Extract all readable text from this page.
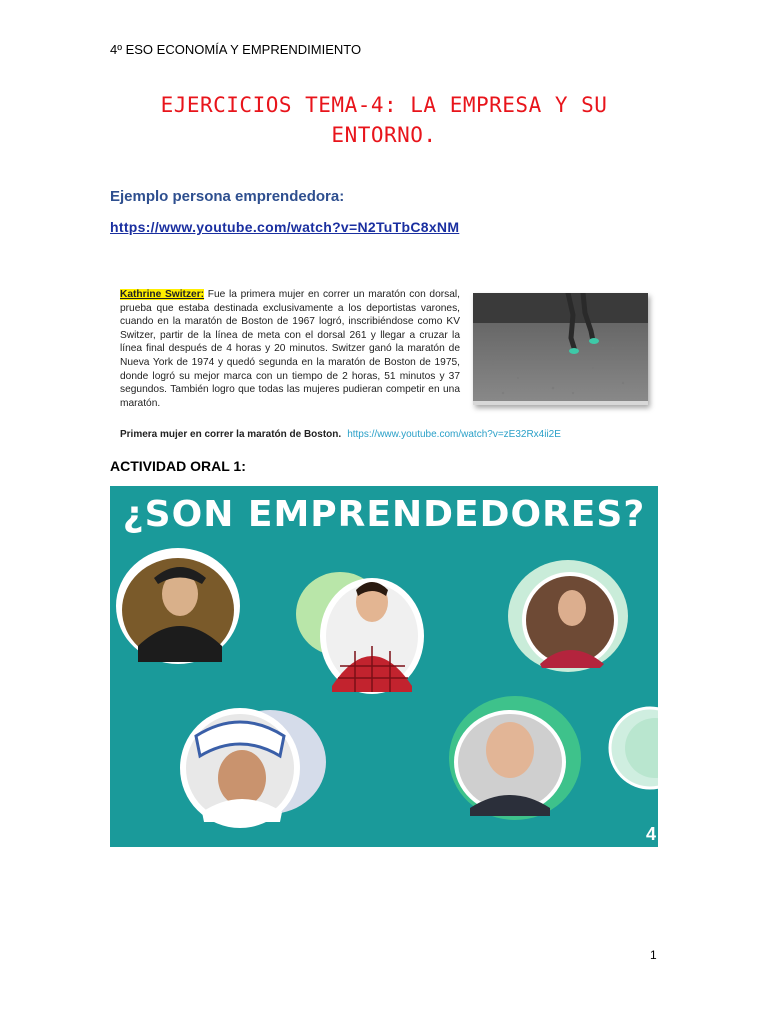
4º ESO ECONOMÍA Y EMPRENDIMIENTO
EJERCICIOS TEMA-4: LA EMPRESA Y SU
ENTORNO.
Ejemplo persona emprendedora:
https://www.youtube.com/watch?v=N2TuTbC8xNM
Kathrine Switzer: Fue la primera mujer en correr un maratón con dorsal, prueba que estaba destinada exclusivamente a los deportistas varones, cuando en la maratón de Boston de 1967 logró, inscribiéndose como KV Switzer, partir de la línea de meta con el dorsal 261 y llegar a cruzar la línea final después de 4 horas y 20 minutos. Switzer ganó la maratón de Nueva York de 1974 y quedó segunda en la maratón de Boston de 1975, donde logró su mejor marca con un tiempo de 2 horas, 51 minutos y 37 segundos. También logro que todas las mujeres pudieran competir en una maratón.
Primera mujer en correr la maratón de Boston. https://www.youtube.com/watch?v=zE32Rx4ii2E
ACTIVIDAD ORAL 1:
¿SON EMPRENDEDORES?
4
1
